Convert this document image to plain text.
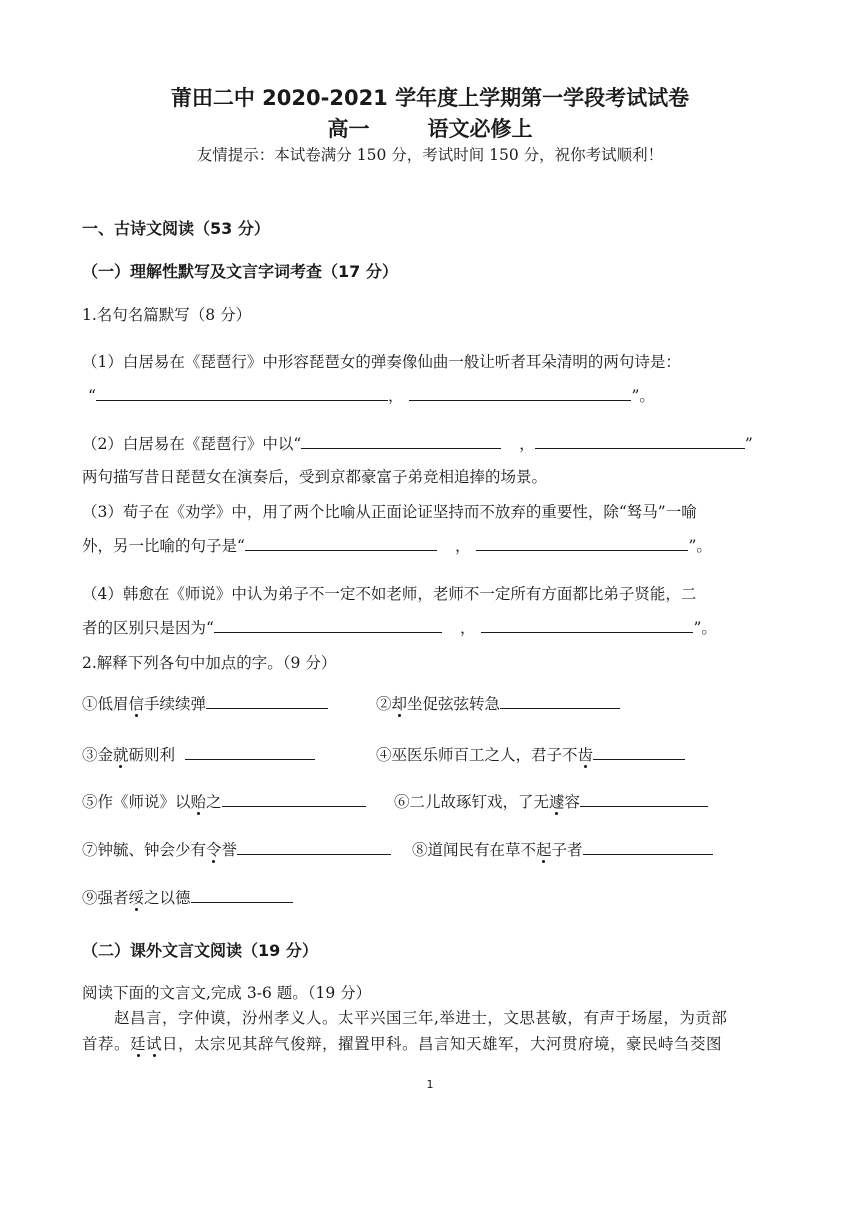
莆田二中 2020-2021 学年度上学期第一学段考试试卷
高一	语文必修上
友情提示：本试卷满分 150 分，考试时间 150 分，祝你考试顺利！
一、古诗文阅读（53 分）
（一）理解性默写及文言字词考查（17 分）
1.名句名篇默写（8 分）
（1）白居易在《琵琶行》中形容琵琶女的弹奏像仙曲一般让听者耳朵清明的两句诗是：
“	，	”。
（2）白居易在《琵琶行》中以“	，	”
两句描写昔日琵琶女在演奏后，受到京都豪富子弟竞相追捧的场景。
（3）荀子在《劝学》中，用了两个比喻从正面论证坚持而不放弃的重要性，除“驽马”一喻
外，另一比喻的句子是“	，	”。
（4）韩愈在《师说》中认为弟子不一定不如老师，老师不一定所有方面都比弟子贤能，二
者的区别只是因为“	，	”。
2.解释下列各句中加点的字。（9 分）
①低眉信手续续弹	②却坐促弦弦转急
③金就砺则利	④巫医乐师百工之人，君子不齿
⑤作《师说》以贻之	⑥二儿故琢钉戏，了无遽容
⑦钟毓、钟会少有令誉	⑧道闻民有在草不起子者
⑨强者绥之以德
（二）课外文言文阅读（19 分）
阅读下面的文言文,完成 3-6 题。（19 分）
赵昌言，字仲谟，汾州孝义人。太平兴国三年,举进士，文思甚敏，有声于场屋，为贡部
首荐。廷试日，太宗见其辞气俊辩，擢置甲科。昌言知天雄军，大河贯府境，豪民峙刍茭图
1
